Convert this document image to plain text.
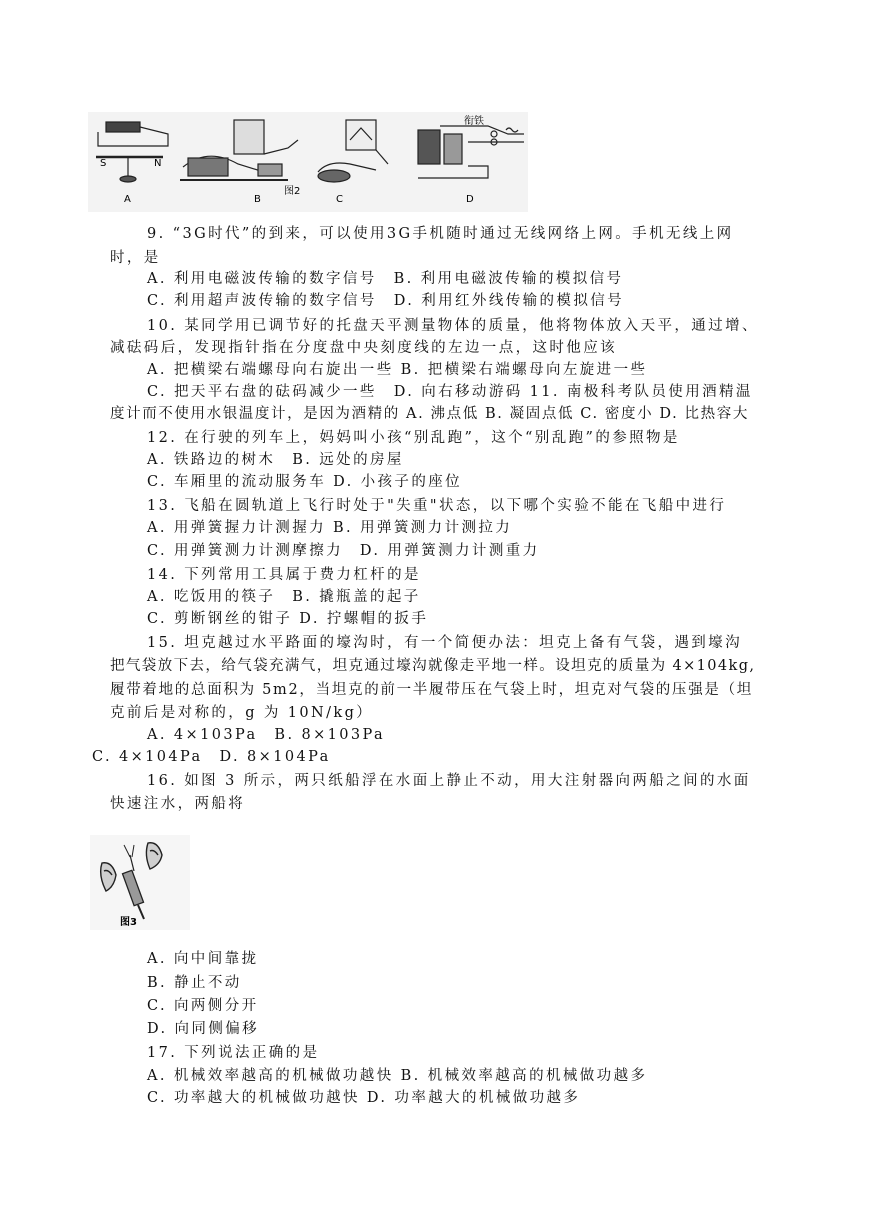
S	N
A	B	C
衔铁
D
图2
9. “3G时代”的到来，可以使用3G手机随时通过无线网络上网。手机无线上网
时，是
A. 利用电磁波传输的数字信号　B. 利用电磁波传输的模拟信号
C. 利用超声波传输的数字信号　D. 利用红外线传输的模拟信号
10. 某同学用已调节好的托盘天平测量物体的质量，他将物体放入天平，通过增、
减砝码后，发现指针指在分度盘中央刻度线的左边一点，这时他应该
A. 把横梁右端螺母向右旋出一些 B. 把横梁右端螺母向左旋进一些
C. 把天平右盘的砝码减少一些　D. 向右移动游码 11. 南极科考队员使用酒精温
度计而不使用水银温度计，是因为酒精的 A. 沸点低 B. 凝固点低 C. 密度小 D. 比热容大
12. 在行驶的列车上，妈妈叫小孩“别乱跑”，这个“别乱跑”的参照物是
A. 铁路边的树木　B. 远处的房屋
C. 车厢里的流动服务车 D. 小孩子的座位
13. 飞船在圆轨道上飞行时处于"失重"状态，以下哪个实验不能在飞船中进行
A. 用弹簧握力计测握力 B. 用弹簧测力计测拉力
C. 用弹簧测力计测摩擦力　D. 用弹簧测力计测重力
14. 下列常用工具属于费力杠杆的是
A. 吃饭用的筷子　B. 撬瓶盖的起子
C. 剪断钢丝的钳子 D. 拧螺帽的扳手
15. 坦克越过水平路面的壕沟时，有一个简便办法：坦克上备有气袋，遇到壕沟
把气袋放下去，给气袋充满气，坦克通过壕沟就像走平地一样。设坦克的质量为 4×104kg,
履带着地的总面积为 5m2，当坦克的前一半履带压在气袋上时，坦克对气袋的压强是（坦
克前后是对称的，g 为 10N/kg）
A. 4×103Pa　B. 8×103Pa
C. 4×104Pa　D. 8×104Pa
16. 如图 3 所示，两只纸船浮在水面上静止不动，用大注射器向两船之间的水面
快速注水，两船将
图3
A. 向中间靠拢
B. 静止不动
C. 向两侧分开
D. 向同侧偏移
17. 下列说法正确的是
A. 机械效率越高的机械做功越快 B. 机械效率越高的机械做功越多
C. 功率越大的机械做功越快 D. 功率越大的机械做功越多
